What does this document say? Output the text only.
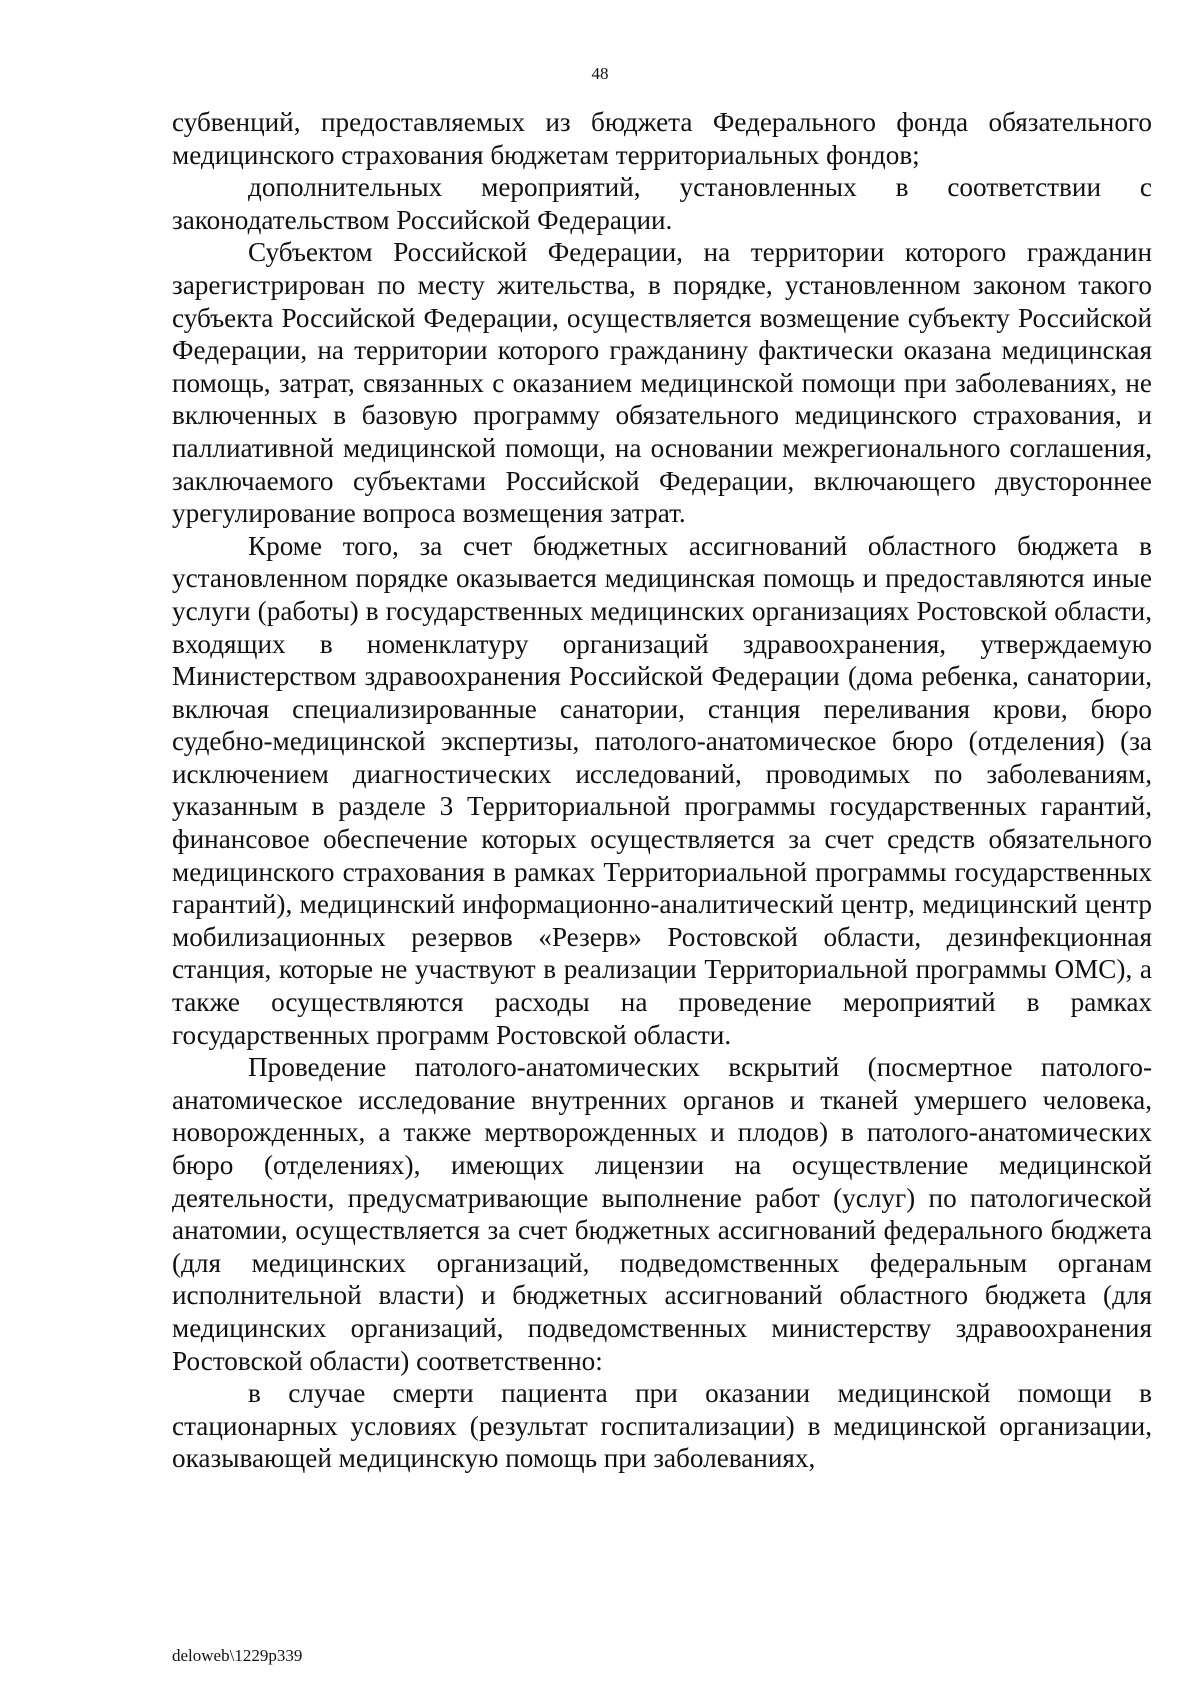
48

субвенций, предоставляемых из бюджета Федерального фонда обязательного медицинского страхования бюджетам территориальных фондов;

дополнительных мероприятий, установленных в соответствии с законодательством Российской Федерации.

Субъектом Российской Федерации, на территории которого гражданин зарегистрирован по месту жительства, в порядке, установленном законом такого субъекта Российской Федерации, осуществляется возмещение субъекту Российской Федерации, на территории которого гражданину фактически оказана медицинская помощь, затрат, связанных с оказанием медицинской помощи при заболеваниях, не включенных в базовую программу обязательного медицинского страхования, и паллиативной медицинской помощи, на основании межрегионального соглашения, заключаемого субъектами Российской Федерации, включающего двустороннее урегулирование вопроса возмещения затрат.

Кроме того, за счет бюджетных ассигнований областного бюджета в установленном порядке оказывается медицинская помощь и предоставляются иные услуги (работы) в государственных медицинских организациях Ростовской области, входящих в номенклатуру организаций здравоохранения, утверждаемую Министерством здравоохранения Российской Федерации (дома ребенка, санатории, включая специализированные санатории, станция переливания крови, бюро судебно-медицинской экспертизы, патолого-анатомическое бюро (отделения) (за исключением диагностических исследований, проводимых по заболеваниям, указанным в разделе 3 Территориальной программы государственных гарантий, финансовое обеспечение которых осуществляется за счет средств обязательного медицинского страхования в рамках Территориальной программы государственных гарантий), медицинский информационно-аналитический центр, медицинский центр мобилизационных резервов «Резерв» Ростовской области, дезинфекционная станция, которые не участвуют в реализации Территориальной программы ОМС), а также осуществляются расходы на проведение мероприятий в рамках государственных программ Ростовской области.

Проведение патолого-анатомических вскрытий (посмертное патолого-анатомическое исследование внутренних органов и тканей умершего человека, новорожденных, а также мертворожденных и плодов) в патолого-анатомических бюро (отделениях), имеющих лицензии на осуществление медицинской деятельности, предусматривающие выполнение работ (услуг) по патологической анатомии, осуществляется за счет бюджетных ассигнований федерального бюджета (для медицинских организаций, подведомственных федеральным органам исполнительной власти) и бюджетных ассигнований областного бюджета (для медицинских организаций, подведомственных министерству здравоохранения Ростовской области) соответственно:

в случае смерти пациента при оказании медицинской помощи в стационарных условиях (результат госпитализации) в медицинской организации, оказывающей медицинскую помощь при заболеваниях,

deloweb\1229p339
